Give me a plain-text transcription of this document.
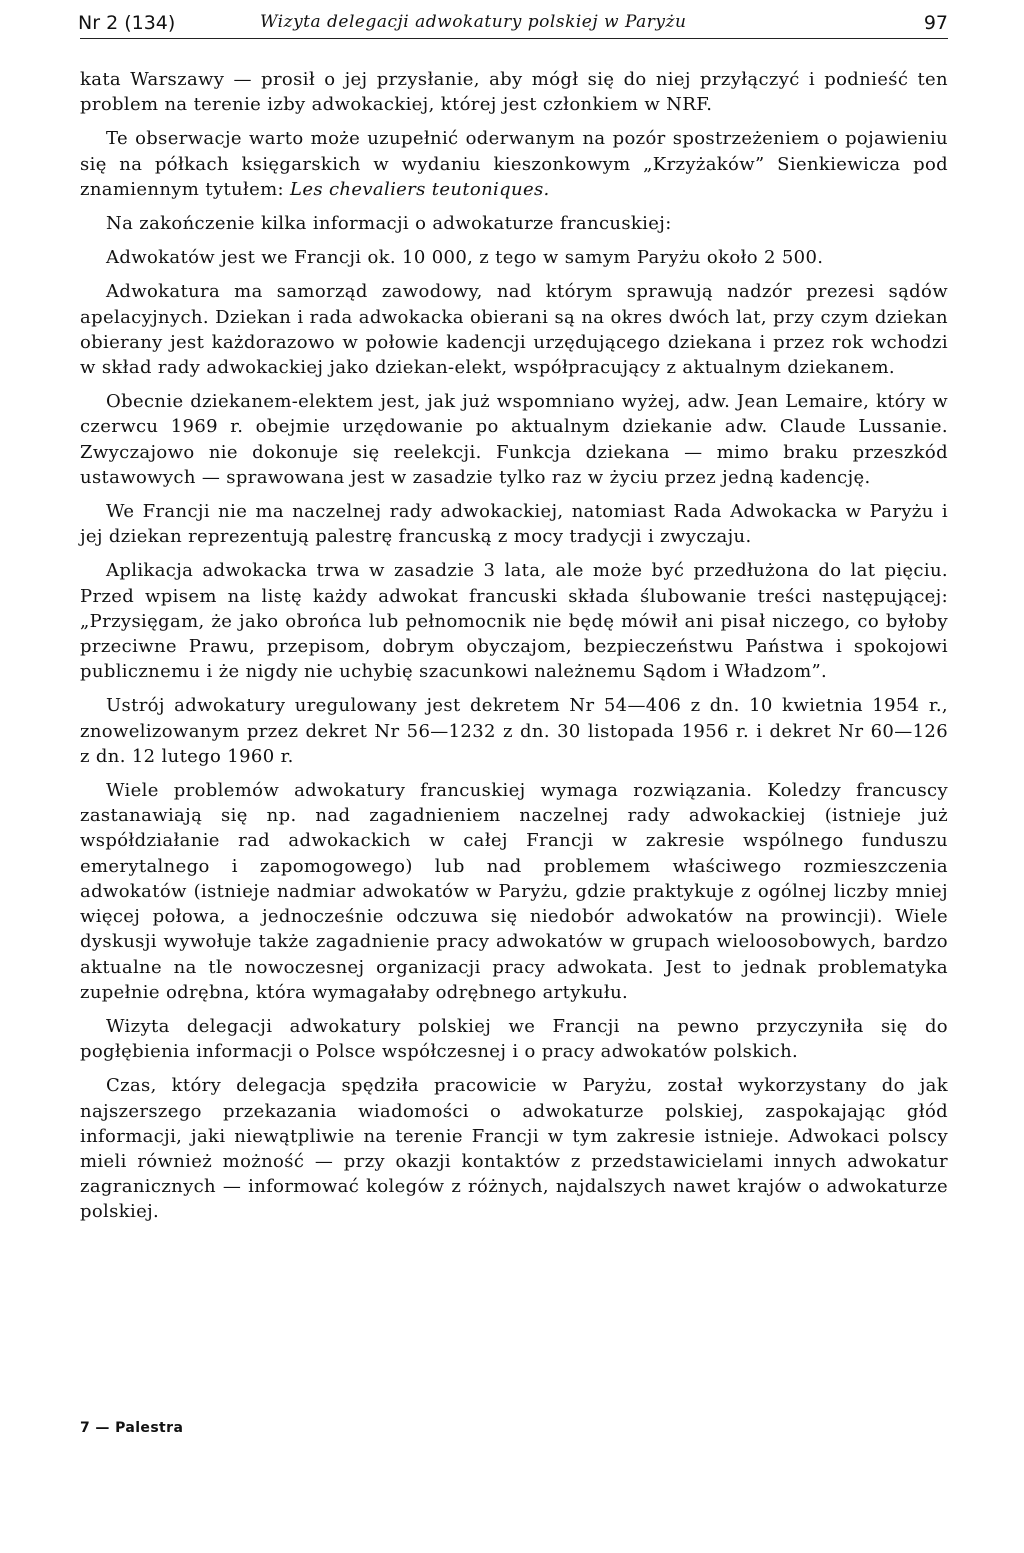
Nr 2 (134)	Wizyta delegacji adwokatury polskiej w Paryżu	97

kata Warszawy — prosił o jej przysłanie, aby mógł się do niej przyłączyć i podnieść ten problem na terenie izby adwokackiej, której jest członkiem w NRF.

Te obserwacje warto może uzupełnić oderwanym na pozór spostrzeżeniem o pojawieniu się na półkach księgarskich w wydaniu kieszonkowym „Krzyżaków” Sienkiewicza pod znamiennym tytułem: Les chevaliers teutoniques.

Na zakończenie kilka informacji o adwokaturze francuskiej:

Adwokatów jest we Francji ok. 10 000, z tego w samym Paryżu około 2 500.

Adwokatura ma samorząd zawodowy, nad którym sprawują nadzór prezesi sądów apelacyjnych. Dziekan i rada adwokacka obierani są na okres dwóch lat, przy czym dziekan obierany jest każdorazowo w połowie kadencji urzędującego dziekana i przez rok wchodzi w skład rady adwokackiej jako dziekan-elekt, współpracujący z aktualnym dziekanem.

Obecnie dziekanem-elektem jest, jak już wspomniano wyżej, adw. Jean Lemaire, który w czerwcu 1969 r. obejmie urzędowanie po aktualnym dziekanie adw. Claude Lussanie. Zwyczajowo nie dokonuje się reelekcji. Funkcja dziekana — mimo braku przeszkód ustawowych — sprawowana jest w zasadzie tylko raz w życiu przez jedną kadencję.

We Francji nie ma naczelnej rady adwokackiej, natomiast Rada Adwokacka w Paryżu i jej dziekan reprezentują palestrę francuską z mocy tradycji i zwyczaju.

Aplikacja adwokacka trwa w zasadzie 3 lata, ale może być przedłużona do lat pięciu. Przed wpisem na listę każdy adwokat francuski składa ślubowanie treści następującej: „Przysięgam, że jako obrońca lub pełnomocnik nie będę mówił ani pisał niczego, co byłoby przeciwne Prawu, przepisom, dobrym obyczajom, bezpieczeństwu Państwa i spokojowi publicznemu i że nigdy nie uchybię szacunkowi należnemu Sądom i Władzom”.

Ustrój adwokatury uregulowany jest dekretem Nr 54—406 z dn. 10 kwietnia 1954 r., znowelizowanym przez dekret Nr 56—1232 z dn. 30 listopada 1956 r. i dekret Nr 60—126 z dn. 12 lutego 1960 r.

Wiele problemów adwokatury francuskiej wymaga rozwiązania. Koledzy francuscy zastanawiają się np. nad zagadnieniem naczelnej rady adwokackiej (istnieje już współdziałanie rad adwokackich w całej Francji w zakresie wspólnego funduszu emerytalnego i zapomogowego) lub nad problemem właściwego rozmieszczenia adwokatów (istnieje nadmiar adwokatów w Paryżu, gdzie praktykuje z ogólnej liczby mniej więcej połowa, a jednocześnie odczuwa się niedobór adwokatów na prowincji). Wiele dyskusji wywołuje także zagadnienie pracy adwokatów w grupach wieloosobowych, bardzo aktualne na tle nowoczesnej organizacji pracy adwokata. Jest to jednak problematyka zupełnie odrębna, która wymagałaby odrębnego artykułu.

Wizyta delegacji adwokatury polskiej we Francji na pewno przyczyniła się do pogłębienia informacji o Polsce współczesnej i o pracy adwokatów polskich.

Czas, który delegacja spędziła pracowicie w Paryżu, został wykorzystany do jak najszerszego przekazania wiadomości o adwokaturze polskiej, zaspokajając głód informacji, jaki niewątpliwie na terenie Francji w tym zakresie istnieje. Adwokaci polscy mieli również możność — przy okazji kontaktów z przedstawicielami innych adwokatur zagranicznych — informować kolegów z różnych, najdalszych nawet krajów o adwokaturze polskiej.

7 — Palestra
